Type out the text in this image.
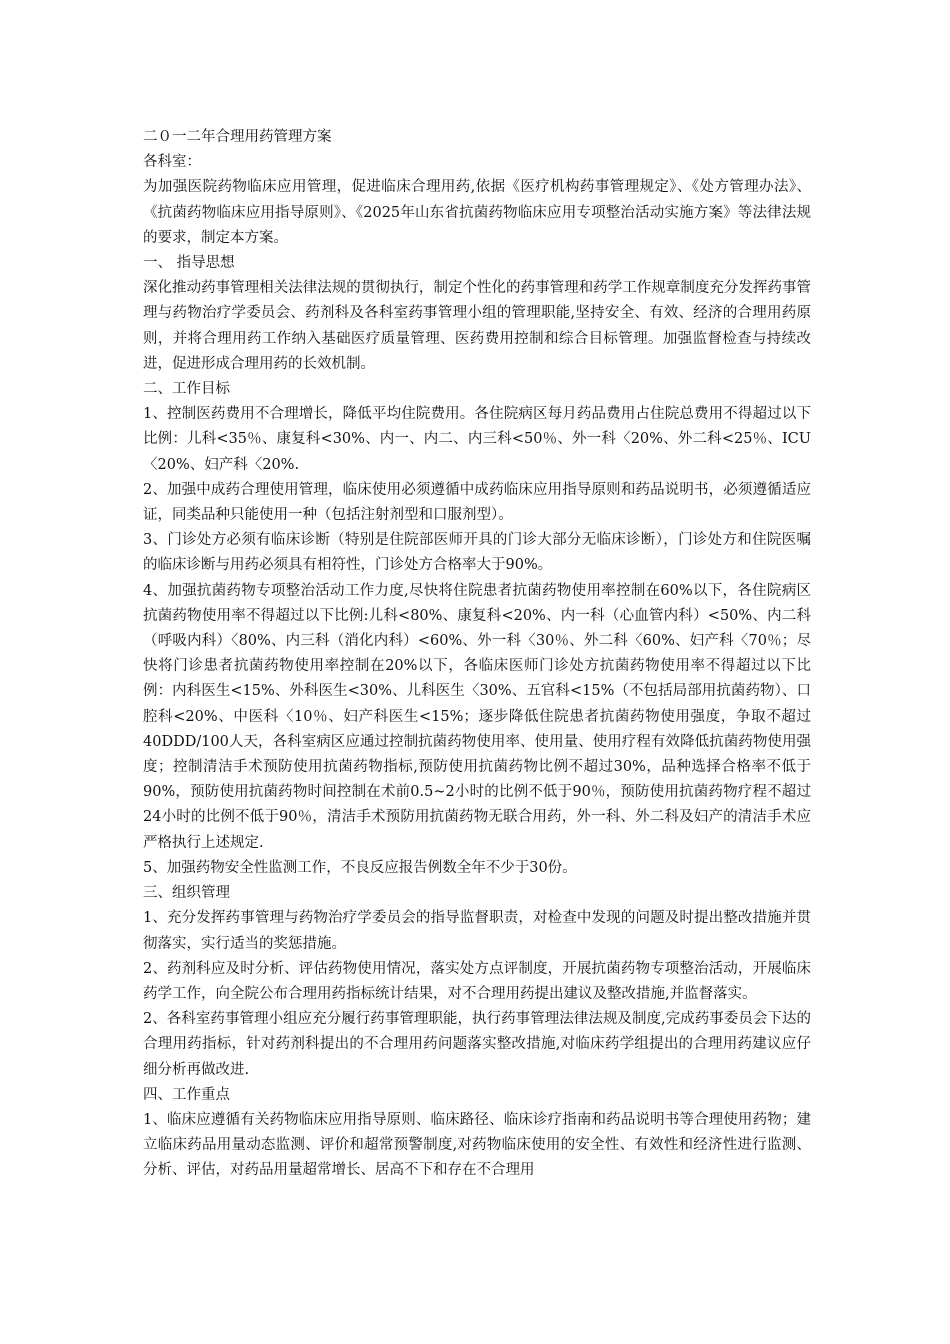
二０一二年合理用药管理方案

各科室：

为加强医院药物临床应用管理，促进临床合理用药,依据《医疗机构药事管理规定》、《处方管理办法》、《抗菌药物临床应用指导原则》、《2025年山东省抗菌药物临床应用专项整治活动实施方案》等法律法规的要求，制定本方案。

一、 指导思想

深化推动药事管理相关法律法规的贯彻执行，制定个性化的药事管理和药学工作规章制度充分发挥药事管理与药物治疗学委员会、药剂科及各科室药事管理小组的管理职能,坚持安全、有效、经济的合理用药原则，并将合理用药工作纳入基础医疗质量管理、医药费用控制和综合目标管理。加强监督检查与持续改进，促进形成合理用药的长效机制。

二、工作目标

1、控制医药费用不合理增长，降低平均住院费用。各住院病区每月药品费用占住院总费用不得超过以下比例：儿科<35％、康复科<30%、内一、内二、内三科<50％、外一科〈20%、外二科<25％、ICU〈20%、妇产科〈20%.

2、加强中成药合理使用管理，临床使用必须遵循中成药临床应用指导原则和药品说明书，必须遵循适应证，同类品种只能使用一种（包括注射剂型和口服剂型）。

3、门诊处方必须有临床诊断（特别是住院部医师开具的门诊大部分无临床诊断），门诊处方和住院医嘱的临床诊断与用药必须具有相符性，门诊处方合格率大于90%。

4、加强抗菌药物专项整治活动工作力度,尽快将住院患者抗菌药物使用率控制在60%以下，各住院病区抗菌药物使用率不得超过以下比例:儿科<80%、康复科<20%、内一科（心血管内科）<50%、内二科（呼吸内科）〈80%、内三科（消化内科）<60%、外一科〈30％、外二科〈60%、妇产科〈70％；尽快将门诊患者抗菌药物使用率控制在20%以下，各临床医师门诊处方抗菌药物使用率不得超过以下比例：内科医生<15%、外科医生<30%、儿科医生〈30%、五官科<15%（不包括局部用抗菌药物）、口腔科<20%、中医科〈10％、妇产科医生<15%；逐步降低住院患者抗菌药物使用强度，争取不超过40DDD/100人天，各科室病区应通过控制抗菌药物使用率、使用量、使用疗程有效降低抗菌药物使用强度；控制清洁手术预防使用抗菌药物指标,预防使用抗菌药物比例不超过30%，品种选择合格率不低于90%，预防使用抗菌药物时间控制在术前0.5~2小时的比例不低于90％，预防使用抗菌药物疗程不超过24小时的比例不低于90％，清洁手术预防用抗菌药物无联合用药，外一科、外二科及妇产的清洁手术应严格执行上述规定.

5、加强药物安全性监测工作，不良反应报告例数全年不少于30份。

三、组织管理

1、充分发挥药事管理与药物治疗学委员会的指导监督职责，对检查中发现的问题及时提出整改措施并贯彻落实，实行适当的奖惩措施。

2、药剂科应及时分析、评估药物使用情况，落实处方点评制度，开展抗菌药物专项整治活动，开展临床药学工作，向全院公布合理用药指标统计结果，对不合理用药提出建议及整改措施,并监督落实。

2、各科室药事管理小组应充分履行药事管理职能，执行药事管理法律法规及制度,完成药事委员会下达的合理用药指标，针对药剂科提出的不合理用药问题落实整改措施,对临床药学组提出的合理用药建议应仔细分析再做改进.

四、工作重点

1、临床应遵循有关药物临床应用指导原则、临床路径、临床诊疗指南和药品说明书等合理使用药物；建立临床药品用量动态监测、评价和超常预警制度,对药物临床使用的安全性、有效性和经济性进行监测、分析、评估，对药品用量超常增长、居高不下和存在不合理用
